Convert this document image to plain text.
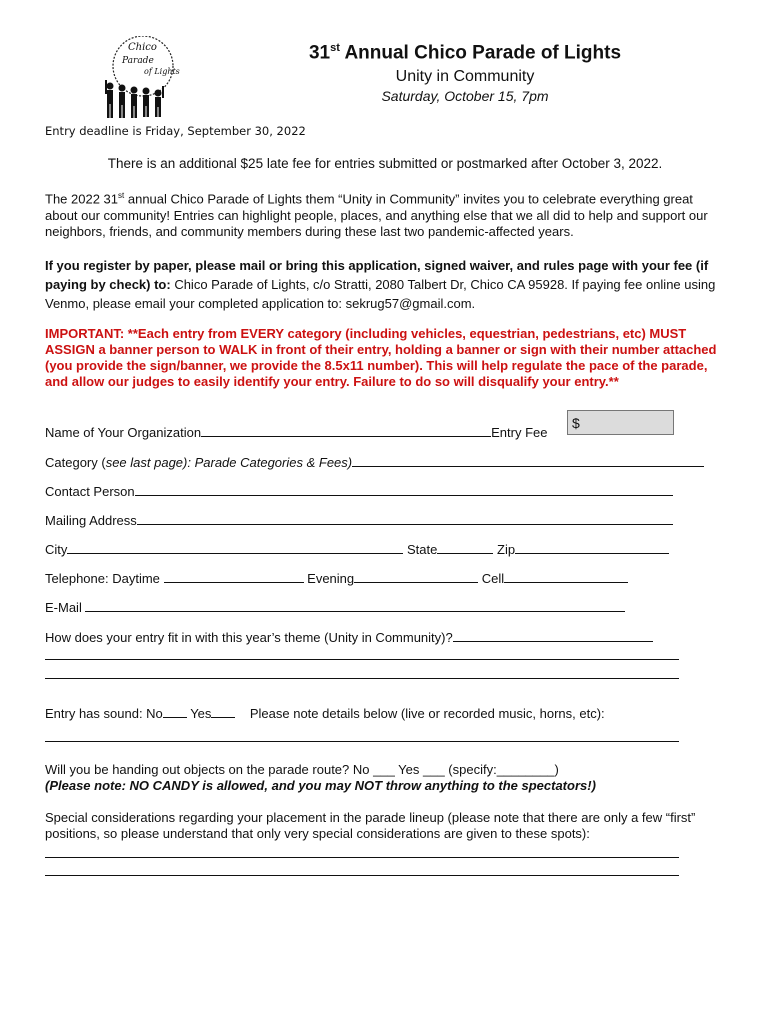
Chico
Parade
of Lights
31st Annual Chico Parade of Lights
Unity in Community
Saturday, October 15, 7pm
Entry deadline is Friday, September 30, 2022
There is an additional $25 late fee for entries submitted or postmarked after October 3, 2022.
The 2022 31st annual Chico Parade of Lights them “Unity in Community” invites you to celebrate everything great about our community! Entries can highlight people, places, and anything else that we all did to help and support our neighbors, friends, and community members during these last two pandemic-affected years.
If you register by paper, please mail or bring this application, signed waiver, and rules page with your fee (if paying by check) to: Chico Parade of Lights, c/o Stratti, 2080 Talbert Dr, Chico CA 95928. If paying fee online using Venmo, please email your completed application to: sekrug57@gmail.com.
IMPORTANT: **Each entry from EVERY category (including vehicles, equestrian, pedestrians, etc) MUST ASSIGN a banner person to WALK in front of their entry, holding a banner or sign with their number attached (you provide the sign/banner, we provide the 8.5x11 number). This will help regulate the pace of the parade, and allow our judges to easily identify your entry. Failure to do so will disqualify your entry.**
Name of Your Organization	Entry Fee
$
Category (see last page): Parade Categories & Fees)
Contact Person
Mailing Address
City	State	Zip
Telephone: Daytime	Evening	Cell
E-Mail
How does your entry fit in with this year’s theme (Unity in Community)?
Entry has sound: No Yes	Please note details below (live or recorded music, horns, etc):
Will you be handing out objects on the parade route? No ___ Yes ___ (specify:________)
(Please note: NO CANDY is allowed, and you may NOT throw anything to the spectators!)
Special considerations regarding your placement in the parade lineup (please note that there are only a few “first” positions, so please understand that only very special considerations are given to these spots):
